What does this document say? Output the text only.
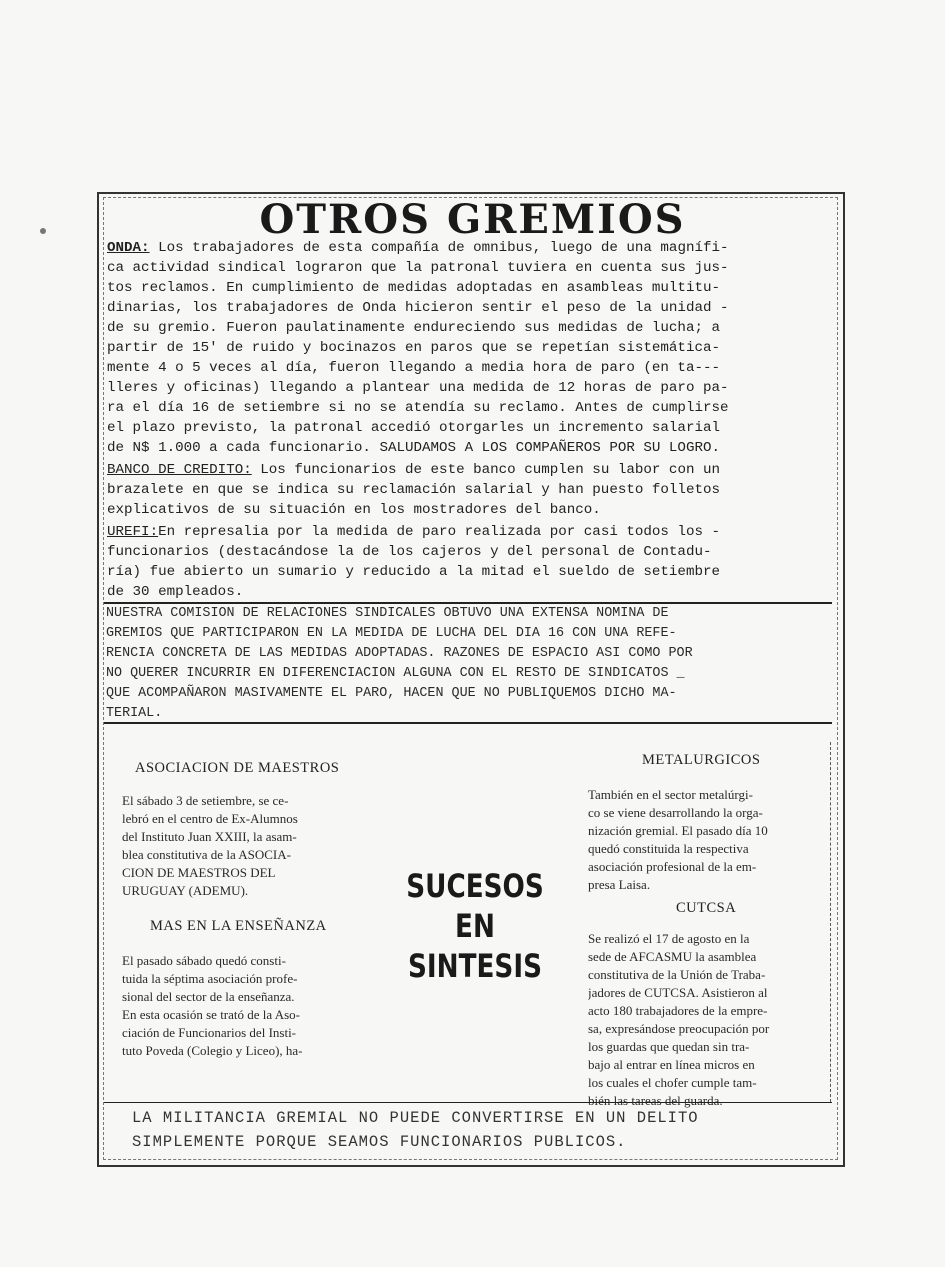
OTROS GREMIOS
ONDA: Los trabajadores de esta compañía de omnibus, luego de una magnífi-
ca actividad sindical lograron que la patronal tuviera en cuenta sus jus-
tos reclamos. En cumplimiento de medidas adoptadas en asambleas multitu-
dinarias, los trabajadores de Onda hicieron sentir el peso de la unidad -
de su gremio. Fueron paulatinamente endureciendo sus medidas de lucha; a
partir de 15' de ruido y bocinazos en paros que se repetían sistemática-
mente 4 o 5 veces al día, fueron llegando a media hora de paro (en ta---
lleres y oficinas) llegando a plantear una medida de 12 horas de paro pa-
ra el día 16 de setiembre si no se atendía su reclamo. Antes de cumplirse
el plazo previsto, la patronal accedió otorgarles un incremento salarial
de N$ 1.000 a cada funcionario. SALUDAMOS A LOS COMPAÑEROS POR SU LOGRO.
BANCO DE CREDITO: Los funcionarios de este banco cumplen su labor con un
brazalete en que se indica su reclamación salarial y han puesto folletos
explicativos de su situación en los mostradores del banco.
UREFI:En represalia por la medida de paro realizada por casi todos los -
funcionarios (destacándose la de los cajeros y del personal de Contadu-
ría) fue abierto un sumario y reducido a la mitad el sueldo de setiembre
de 30 empleados.
NUESTRA COMISION DE RELACIONES SINDICALES OBTUVO UNA EXTENSA NOMINA DE
GREMIOS QUE PARTICIPARON EN LA MEDIDA DE LUCHA DEL DIA 16 CON UNA REFE-
RENCIA CONCRETA DE LAS MEDIDAS ADOPTADAS. RAZONES DE ESPACIO ASI COMO POR
NO QUERER INCURRIR EN DIFERENCIACION ALGUNA CON EL RESTO DE SINDICATOS _
QUE ACOMPAÑARON MASIVAMENTE EL PARO, HACEN QUE NO PUBLIQUEMOS DICHO MA-
TERIAL.
ASOCIACION DE MAESTROS
El sábado 3 de setiembre, se ce-
lebró en el centro de Ex-Alumnos
del Instituto Juan XXIII, la asam-
blea constitutiva de la ASOCIA-
CION DE MAESTROS DEL
URUGUAY (ADEMU).
MAS EN LA ENSEÑANZA
El pasado sábado quedó consti-
tuida la séptima asociación profe-
sional del sector de la enseñanza.
En esta ocasión se trató de la Aso-
ciación de Funcionarios del Insti-
tuto Poveda (Colegio y Liceo), ha-
SUCESOS
EN SINTESIS
METALURGICOS
También en el sector metalúrgi-
co se viene desarrollando la orga-
nización gremial. El pasado día 10
quedó constituida la respectiva
asociación profesional de la em-
presa Laisa.
CUTCSA
Se realizó el 17 de agosto en la
sede de AFCASMU la asamblea
constitutiva de la Unión de Traba-
jadores de CUTCSA. Asistieron al
acto 180 trabajadores de la empre-
sa, expresándose preocupación por
los guardas que quedan sin tra-
bajo al entrar en línea micros en
los cuales el chofer cumple tam-
bién las tareas del guarda.
LA MILITANCIA GREMIAL NO PUEDE CONVERTIRSE EN UN DELITO
SIMPLEMENTE PORQUE SEAMOS FUNCIONARIOS PUBLICOS.
